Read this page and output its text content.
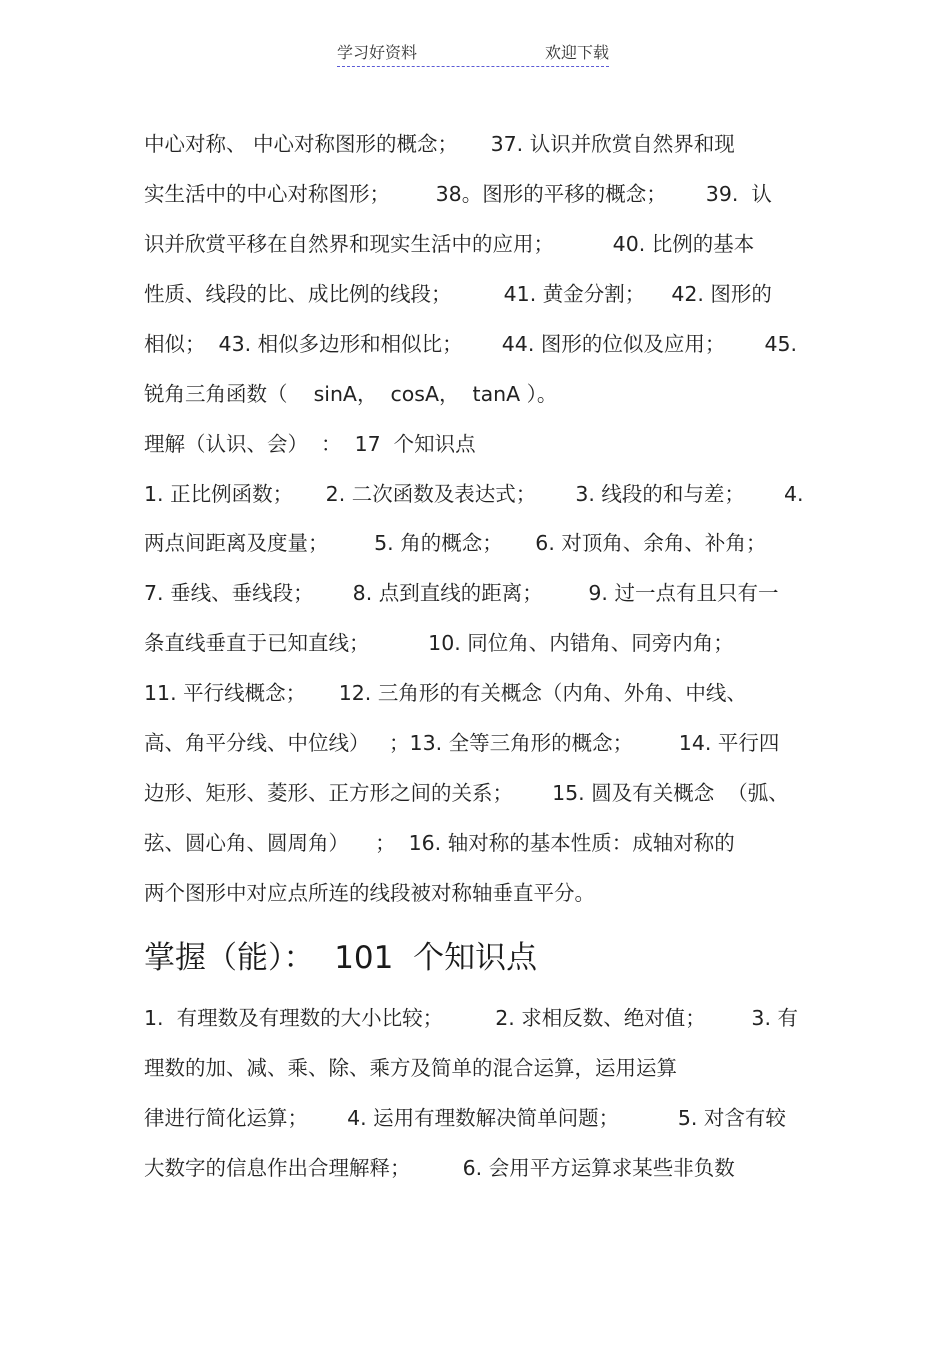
学习好资料	欢迎下载
中心对称、 中心对称图形的概念；     37. 认识并欣赏自然界和现
实生活中的中心对称图形；       38。图形的平移的概念；      39.  认
识并欣赏平移在自然界和现实生活中的应用；         40. 比例的基本
性质、线段的比、成比例的线段；        41. 黄金分割；    42. 图形的
相似；  43. 相似多边形和相似比；      44. 图形的位似及应用；      45.
锐角三角函数（    sinA，  cosA，  tanA ）。
理解（认识、会）  ：  17  个知识点
1. 正比例函数；     2. 二次函数及表达式；      3. 线段的和与差；      4.
两点间距离及度量；       5. 角的概念；     6. 对顶角、余角、补角；
7. 垂线、垂线段；      8. 点到直线的距离；       9. 过一点有且只有一
条直线垂直于已知直线；         10. 同位角、内错角、同旁内角；
11. 平行线概念；     12. 三角形的有关概念（内角、外角、中线、
高、角平分线、中位线）   ；13. 全等三角形的概念；       14. 平行四
边形、矩形、菱形、正方形之间的关系；      15. 圆及有关概念  （弧、
弦、圆心角、圆周角）    ；  16. 轴对称的基本性质：成轴对称的
两个图形中对应点所连的线段被对称轴垂直平分。
掌握（能）：  101  个知识点
1.  有理数及有理数的大小比较；        2. 求相反数、绝对值；       3. 有
理数的加、减、乘、除、乘方及简单的混合运算，运用运算
律进行简化运算；      4. 运用有理数解决简单问题；         5. 对含有较
大数字的信息作出合理解释；        6. 会用平方运算求某些非负数
